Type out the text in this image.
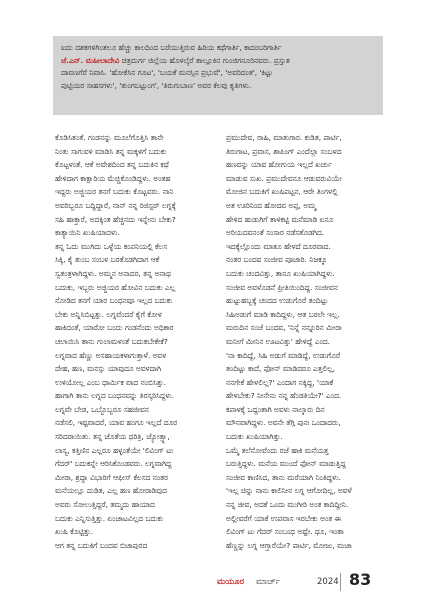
ಐದು ದಶಕಗಳಿಗಿಂತಲೂ ಹೆಚ್ಚು ಕಾಲದಿಂದ ಬರೆಯುತ್ತಿರುವ ಹಿರಿಯ ಕಥೆಗಾರ್ತಿ, ಕಾದಂಬರಿಗಾರ್ತಿ
ಜೆ.ಎನ್. ಮಹೀಲಾದೇವಿ ಚಿತ್ರದುರ್ಗ ಜಿಲ್ಲೆಯ ಹೊಳಲ್ಕೆರೆ ತಾಲ್ಲೂಕಿನ ಗುಂಜಿಗನೂರಿನವರು. ಪ್ರಸ್ತುತ
ದಾವಣಗೆರೆ ನಿವಾಸಿ. 'ಹೋಕೆಸಿನ ಗೂಟ', 'ಬಯಕೆ ಮನಸ್ಸಿನ ಪ್ರಭುವೆ', 'ಅವರಿದಂತ', 'ಕಿಟ್ಟು
ಪುಟ್ಟಿಯರ ಸಾಹಸಗಳು', 'ತುಂಗಬಟ್ಟುಂಗ', 'ತಿರುಗುಬಾಣ' ಅವರ ಕೆಲವು ಕೃತಿಗಳು.
ಕೊಡಿಸಿತಂತೆ. ಗಂಡನನ್ನು ಮೂಲೆಗೊತ್ತಿಸಿ ತಾನೇ
ನಿಂತು ಸಾಗುವಳಿ ಮಾಡಿಸಿ ತನ್ನ ಮಕ್ಕಳಿಗೆ ಬದುಕು
ಕೊಟ್ಟಳಂತೆ. ಆಕೆ ಅವೇಶದಿಂದ ತನ್ನ ಬದುಕಿನ ಕಥೆ
ಹೇಳಿದಾಗ ಕಾಕ್ಷಾರಿಯ ಮೆಚ್ಚಿಕೊಂಡಿದ್ದಳು. ಅಂತಹ
ಇದ್ದರು ಅಜ್ಜಿಯರ ತನಗೆ ಬದುಕು ಕೊಟ್ಟವರು. ನಾನಿ
ಅವರಿಬ್ಬರೂ ಬದ್ದಿದ್ದಾರೆ, ನಾನ್ ನನ್ನ ರಿಜಿಸ್ಟರ್ ಲಗ್ನಕ್ಕೆ
ಸಹಿ ಹಾಕ್ತಾರೆ, ಅದಕ್ಕಿಂತ ಹೆಚ್ಚಿನದು ಇನ್ನೇನು ಬೇಕು?
ಕಾತ್ಯಾಯಿನಿ ಖುಷಿಯಾದಳು.
ತನ್ನ ಓದು ಮುಗಿದು ಒಳ್ಳೆಯ ಕಂಪನಿಯಲ್ಲಿ ಕೆಲಸ
ಸಿಕ್ಕಿ, ಕೈ ತುಂಬ ಸಂಬಳ ಬರತೊಡಗಿದಾಗ ಆಕೆ
ಸ್ವತಂತ್ರಳಾಗಿದ್ದಳು. ಅಮ್ಮನ ಅನಾದರ, ತನ್ನ ಅನಾಥ
ಬದುಕು, ಇಬ್ಬರು ಅಜ್ಜಿಯರ ಹೋವಿನ ಬದುಕು ಎಲ್ಲ
ನೋಡಿದ ತನಗೆ ಯಾರ ಬಂಧನವೂ ಇಲ್ಲದ ಬದುಕು
ಬೇಕು ಅನ್ನಿಸಿಬಿಟ್ಟತ್ತು. ಲಗ್ನವೆಂದರೆ ಕೈಗೆ ಕೋಳ
ಹಾಕಿದಂತೆ, ಯಾರೋ ಬಂದು ಗಂಡನೆಂದು ಅಧಿಕಾರ
ಚಲಾಯಿಸಿ ತಾನು ಗುಲಾಮಳಂತೆ ಬದುಕಬೇಕೇಕೆ?
ಲಗ್ನವಾದ ಹೆಣ್ಣು ಅಸಹಾಯಕಳಾಗುತ್ತಾಳೆ. ಅವಳ
ದೇಹ, ಹಣ, ಮನಸ್ಸು ಯಾವುದೂ ಅವಳದಾಗಿ
ಉಳಿಯೋಲ್ಲ ಎಂಬ ಧಾರ್ಮಿಕ ವಾದ ನಂಬಿಸಿತ್ತು.
ಹಾಗಾಗಿ ತಾನು ಲಗ್ನದ ಬಂಧನವನ್ನು ತಿರಸ್ಕರಿಸಿದ್ದಳು.
ಲಗ್ನವೇ ಬೇಡ, ಒಬ್ಬೊಬ್ಬರೂ ಸಹಜೀವನ
ನಡೆಸಲಿ, ಇಷ್ಟವಾದರೆ, ಯಾವ ಹಂಗೂ ಇಲ್ಲದೆ ದೂರ
ಸರಿದರಾಯಿತು. ತನ್ನ ಜೊತೆಯ ಧರಿತ್ರಿ, ಜ್ಯೋತ್ಸ್ನಾ,
ಲಾಸ್ಯ, ಕತ್ತಿಣಿನ ಎಲ್ಲರೂ ಹಳ್ಳಂತೆಯೇ 'ಲಿವಿಂಗ್ ಟು
ಗೆದರ್' ಬದುಕನ್ನೇ ಆರಿಸಿಕೊಂಡವರು. ಲಗ್ನವಾಗಿದ್ದ
ಮೀರಾ, ಶ್ರದ್ಧಾ ವಿಭಾರಿಗೆ ಆಫೀಸ್ ಕೆಲಸದ ನಂತರ
ಮನೆಯಲ್ಲೂ ದುಡಿತ, ಎಲ್ಲ ಹಣ ಹೋರಾಡಿವುದ
ಅವರು ಸೋಲುತ್ತಿದ್ದರೆ, ತಮ್ಮದು ಹಾಯಾದ
ಬದುಕು ಎನ್ನಿಸುತ್ತಿತ್ತು. ಏಂಜಾಟವಿಲ್ಲದ ಬದುಕು
ಖುಷಿ ಕೊಟ್ಟಿತ್ತು.
ಆಗ ತನ್ನ ಬದುಕಿಗೆ ಬಂದವ ಬಿಜಾಪುರದ
ಪ್ರಮುದೇವ, ರಾಹಿ, ಮಾತುಗಾರ. ಕುಡಿತ, ಪಾರ್ಟಿ,
ತಿರುಗಾಟ, ಪ್ರವಾಸ, ಶಾಪಿಂಗ್ ಎಂದೆಲ್ಲಾ ಸಂಬಳದ
ಹಣವನ್ನು ಯಾವ ಹೋಗುಯ ಇಲ್ಲದೆ ಖರ್ಚು
ಮಾಡುವ ಸುಖ. ಪ್ರಮುದೇವನೂ ಆಡುವರುವಿಯೇ
ಮೋಜಿನ ಬದುಕಿಗೆ ಖುಷಿಪಟ್ಟನ, ಆರೇ ತಿಂಗಳಲ್ಲಿ
ಅತ ಊರಿನಿಂದ ಹೋದವ ಅಪ್ಪ, ಅಮ್ಮ
ಹೇಳಿದ ಹುಡುಗಿಗೆ ತಾಳಿಕಟ್ಟಿ ಮನೆಮಾಡಿ ಏನೂ
ಅರಿಯದವನಂತೆ ಸಂಸಾರ ನಡೆಸತೊಡಗಿದ.
ಇದಕ್ಕೆಲ್ಲೊಂದು ಮಾತೂ ಹೇಳದೆ ದೂರವಾದ.
ನಂತರ ಬಂದವ ಸಂಜೀವ ಪೂಜಾರಿ. ನಿಜಕ್ಕೂ
ಬದುಕು ಚಂದವಿತ್ತು, ತಾನೂ ಖುಷಿಯಾಗಿದ್ದಳು.
ಸಂಜೀವ ಅವಳೊಡನೆ ಪ್ರೀತಿಯಿಂದಿದ್ದ. ಸಂಜೀವನ
ಹುಟ್ಟುಹಬ್ಬಕ್ಕೆ ಚಂದದ ಉಡುಗೊರೆ ತಂದಿಟ್ಟು
ಸಿಹಿಅಡುಗೆ ಮಾಡಿ ಕಾದಿದ್ದಳು, ಆತ ಬರಲೇ ಇಲ್ಲ.
ಮರುದಿನ ಸಂಜೆ ಬಂದವ, 'ನಿನ್ನೆ ನನ್ನೂರಿನ ಮೀರಾ
ಮನೀಗೆ ಮೀನಿನ ಊಟವಿತ್ತು' ಹೇಳಿದ್ದೆ ಎಂದ.
'ನಾ ಕಾದಿದ್ದೆ, ಸಿಹಿ ಅಡುಗೆ ಮಾಡಿದ್ದೆ, ಉಡುಗೊರೆ
ತಂದಿಟ್ಟು ಕಾದೆ, ಫೋನ್ ಮಾಡಿದರೂ ಎತ್ತಲಿಲ್ಲ,
ನನಗೇಕೆ ಹೇಳಲಿಲ್ಲ?' ಎಂದಾಗ ನಕ್ಕಿದ್ದ, 'ಯಾಕೆ
ಹೇಳಬೇಕು? ನೀನೇನು ನನ್ನ ಹೆಂಡತಿಯೇ?' ಎಂದ.
ಕಪಾಳಕ್ಕೆ ಒದ್ದಂತಾಗಿ ಅವಳು ನಾಲ್ಕಾರು ದಿನ
ಮೌನವಾಗಿದ್ದಳು. ಅವನೇ ತೆಗ್ಗಿ ಪುನಃ ಒಂದಾದರು,
ಬದುಕು ಖುಷಿಯಾಗಿತ್ತು.
ಒಮ್ಮೆ ತಲೆನೋವೆಂದು ರಜೆ ಹಾಕಿ ಮನೆಯತ್ತ
ಬರುತ್ತಿದ್ದಳು. ಮನೆಯ ಮುಂದೆ ಫೋನ್ ಮಾಡುತ್ತಿದ್ದ
ಸಂಜೀವ ಕಾಣಿಸಿದ, ತಾನು ಮರೆಯಾಗಿ ನಿಂತಿದ್ದಳು.
'ಇಲ್ಲ ಚಿನ್ನು ನಾನು ಕಾಲಿನೀನ ಲಗ್ನ ಆಗೋದಿಲ್ಲ, ಅವಳೆ
ನನ್ನ ಜೀವ, ಅದಕೆ ಒಂದು ಮುಗೀರಿ ಅಂತ ಕಾದಿದ್ದೀನಿ.
ಅಲ್ಲೀವರೆಗೆ ಯಾಕೆ ಉಪವಾಸ ಇರಬೇಕು ಅಂತ ಈ
ಲಿವಿಂಗ್ ಟು ಗೆದರ್ ಸಂಬಂಧ ಅಷ್ಟೇ. ಥೂ, ಇಂತಾ
ಹೆಣ್ಣನ್ನು ಲಗ್ನ ಆಗ್ತಾರೆಯೇ? ಪಾರ್ಟಿ, ಮೋಜು, ಮಜಾ
ಮಯೂರ ಮಾರ್ಚ್	2024 83
